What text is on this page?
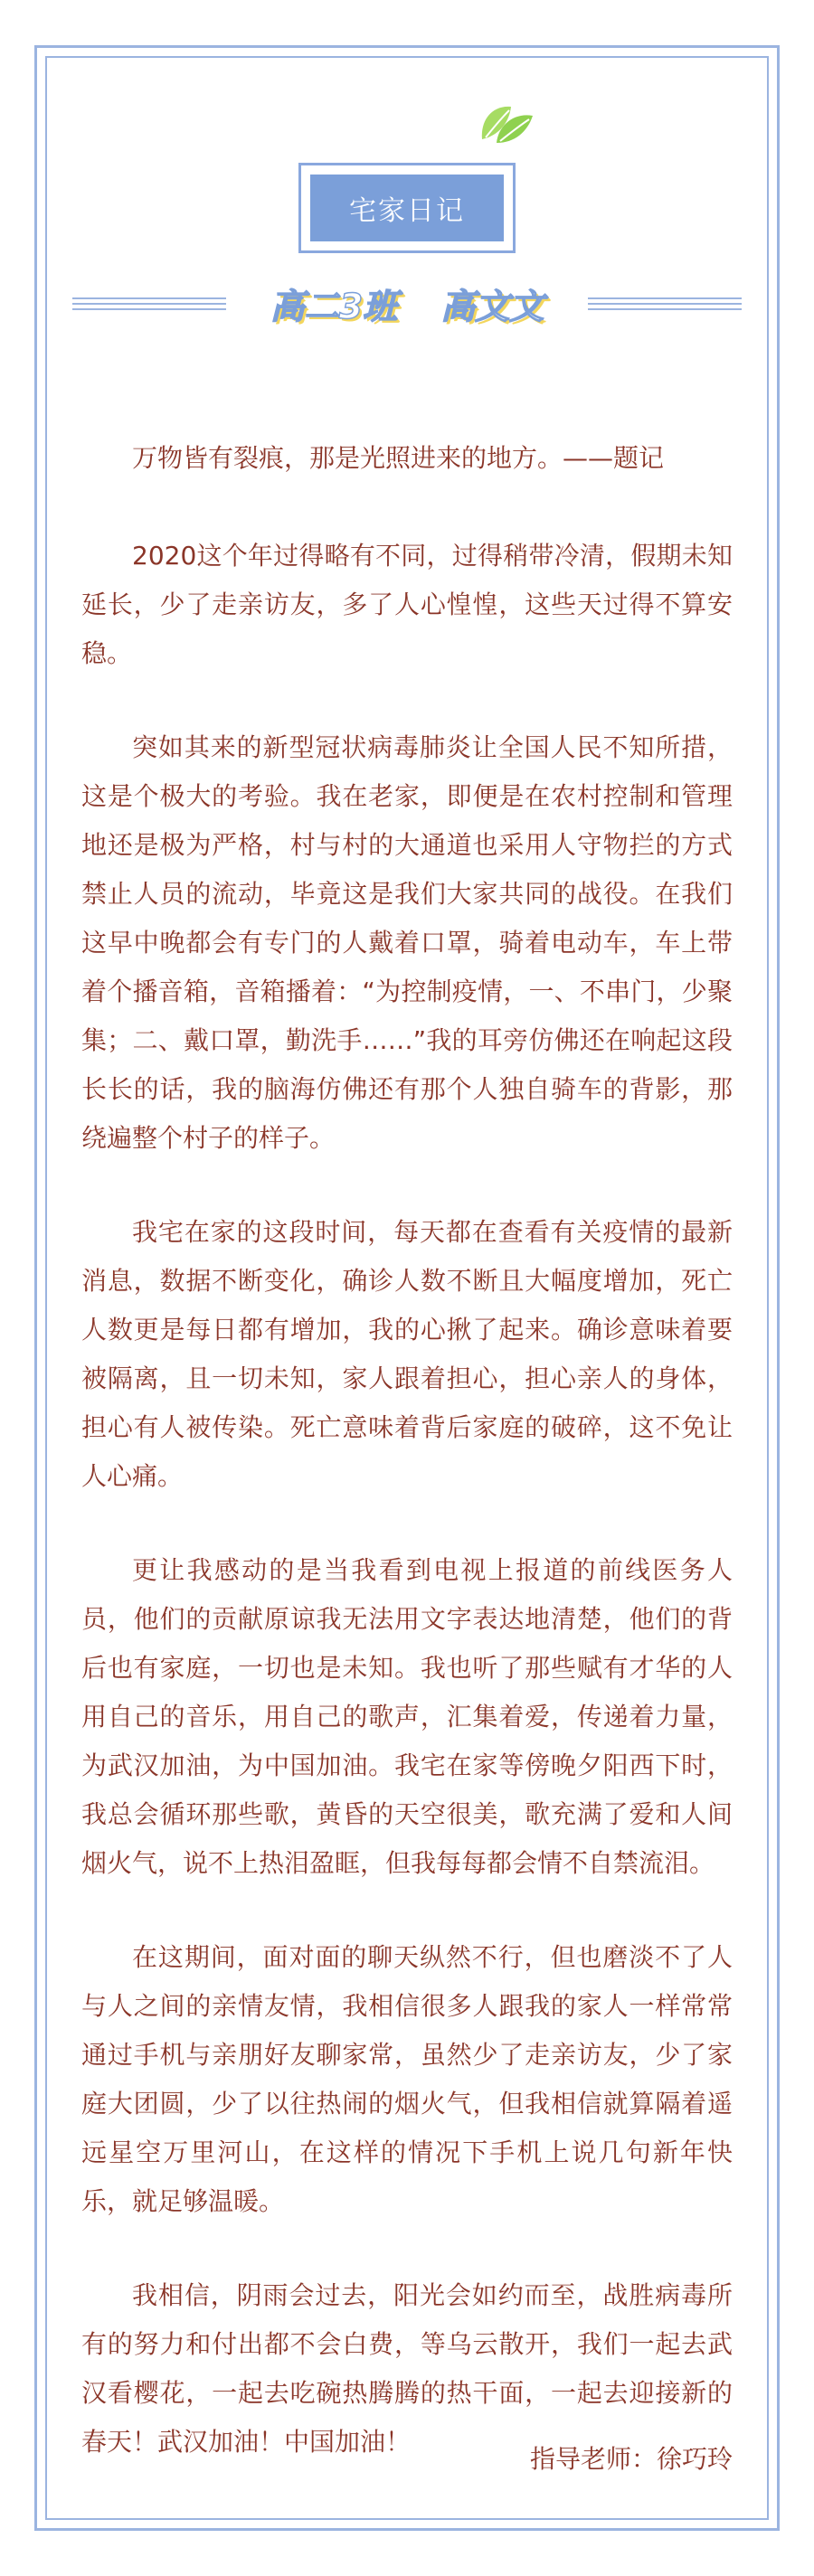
宅家日记
高二3班 高文文

万物皆有裂痕，那是光照进来的地方。——题记

2020这个年过得略有不同，过得稍带冷清，假期未知延长，少了走亲访友，多了人心惶惶，这些天过得不算安稳。

突如其来的新型冠状病毒肺炎让全国人民不知所措，这是个极大的考验。我在老家，即便是在农村控制和管理地还是极为严格，村与村的大通道也采用人守物拦的方式禁止人员的流动，毕竟这是我们大家共同的战役。在我们这早中晚都会有专门的人戴着口罩，骑着电动车，车上带着个播音箱，音箱播着：“为控制疫情，一、不串门，少聚集；二、戴口罩，勤洗手……”我的耳旁仿佛还在响起这段长长的话，我的脑海仿佛还有那个人独自骑车的背影，那绕遍整个村子的样子。

我宅在家的这段时间，每天都在查看有关疫情的最新消息，数据不断变化，确诊人数不断且大幅度增加，死亡人数更是每日都有增加，我的心揪了起来。确诊意味着要被隔离，且一切未知，家人跟着担心，担心亲人的身体，担心有人被传染。死亡意味着背后家庭的破碎，这不免让人心痛。

更让我感动的是当我看到电视上报道的前线医务人员，他们的贡献原谅我无法用文字表达地清楚，他们的背后也有家庭，一切也是未知。我也听了那些赋有才华的人用自己的音乐，用自己的歌声，汇集着爱，传递着力量，为武汉加油，为中国加油。我宅在家等傍晚夕阳西下时，我总会循环那些歌，黄昏的天空很美，歌充满了爱和人间烟火气，说不上热泪盈眶，但我每每都会情不自禁流泪。

在这期间，面对面的聊天纵然不行，但也磨淡不了人与人之间的亲情友情，我相信很多人跟我的家人一样常常通过手机与亲朋好友聊家常，虽然少了走亲访友，少了家庭大团圆，少了以往热闹的烟火气，但我相信就算隔着遥远星空万里河山，在这样的情况下手机上说几句新年快乐，就足够温暖。

我相信，阴雨会过去，阳光会如约而至，战胜病毒所有的努力和付出都不会白费，等乌云散开，我们一起去武汉看樱花，一起去吃碗热腾腾的热干面，一起去迎接新的春天！武汉加油！中国加油！

指导老师：徐巧玲
